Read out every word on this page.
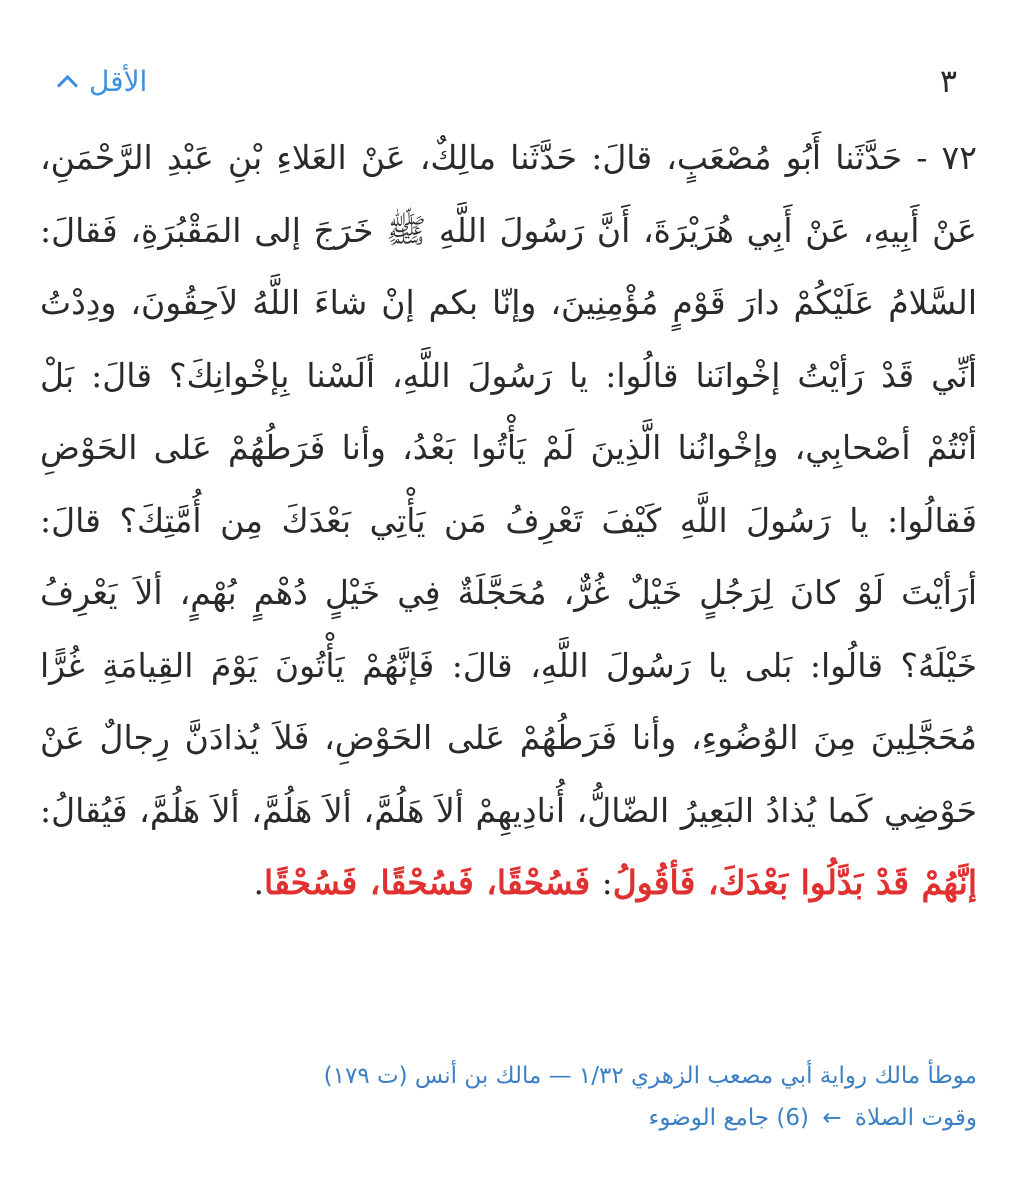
الأقل	٣
٧٢ - حَدَّثَنا أَبُو مُصْعَبٍ، قالَ: حَدَّثَنا مالِكٌ، عَنْ العَلاءِ بْنِ عَبْدِ الرَّحْمَنِ، عَنْ أَبِيهِ، عَنْ أَبِي هُرَيْرَةَ، أَنَّ رَسُولَ اللَّهِ ﷺ خَرَجَ إلى المَقْبُرَةِ، فَقالَ: السَّلامُ عَلَيْكُمْ دارَ قَوْمٍ مُؤْمِنِينَ، وإنّا بكم إنْ شاءَ اللَّهُ لاَحِقُونَ، ودِدْتُ أنِّي قَدْ رَأيْتُ إخْوانَنا قالُوا: يا رَسُولَ اللَّهِ، ألَسْنا بِإخْوانِكَ؟ قالَ: بَلْ أنْتُمْ أصْحابِي، وإخْوانُنا الَّذِينَ لَمْ يَأْتُوا بَعْدُ، وأنا فَرَطُهُمْ عَلى الحَوْضِ فَقالُوا: يا رَسُولَ اللَّهِ كَيْفَ تَعْرِفُ مَن يَأْتِي بَعْدَكَ مِن أُمَّتِكَ؟ قالَ: أرَأيْتَ لَوْ كانَ لِرَجُلٍ خَيْلٌ غُرٌّ، مُحَجَّلَةٌ فِي خَيْلٍ دُهْمٍ بُهْمٍ، ألاَ يَعْرِفُ خَيْلَهُ؟ قالُوا: بَلى يا رَسُولَ اللَّهِ، قالَ: فَإنَّهُمْ يَأْتُونَ يَوْمَ القِيامَةِ غُرًّا مُحَجَّلِينَ مِنَ الوُضُوءِ، وأنا فَرَطُهُمْ عَلى الحَوْضِ، فَلاَ يُذادَنَّ رِجالٌ عَنْ حَوْضِي كَما يُذادُ البَعِيرُ الضّالُّ، أُنادِيهِمْ ألاَ هَلُمَّ، ألاَ هَلُمَّ، ألاَ هَلُمَّ، فَيُقالُ: إنَّهُمْ قَدْ بَدَّلُوا بَعْدَكَ، فَأقُولُ: فَسُحْقًا، فَسُحْقًا، فَسُحْقًا.
موطأ مالك رواية أبي مصعب الزهري ١/٣٢ — مالك بن أنس (ت ١٧٩)
وقوت الصلاة ← (6) جامع الوضوء
